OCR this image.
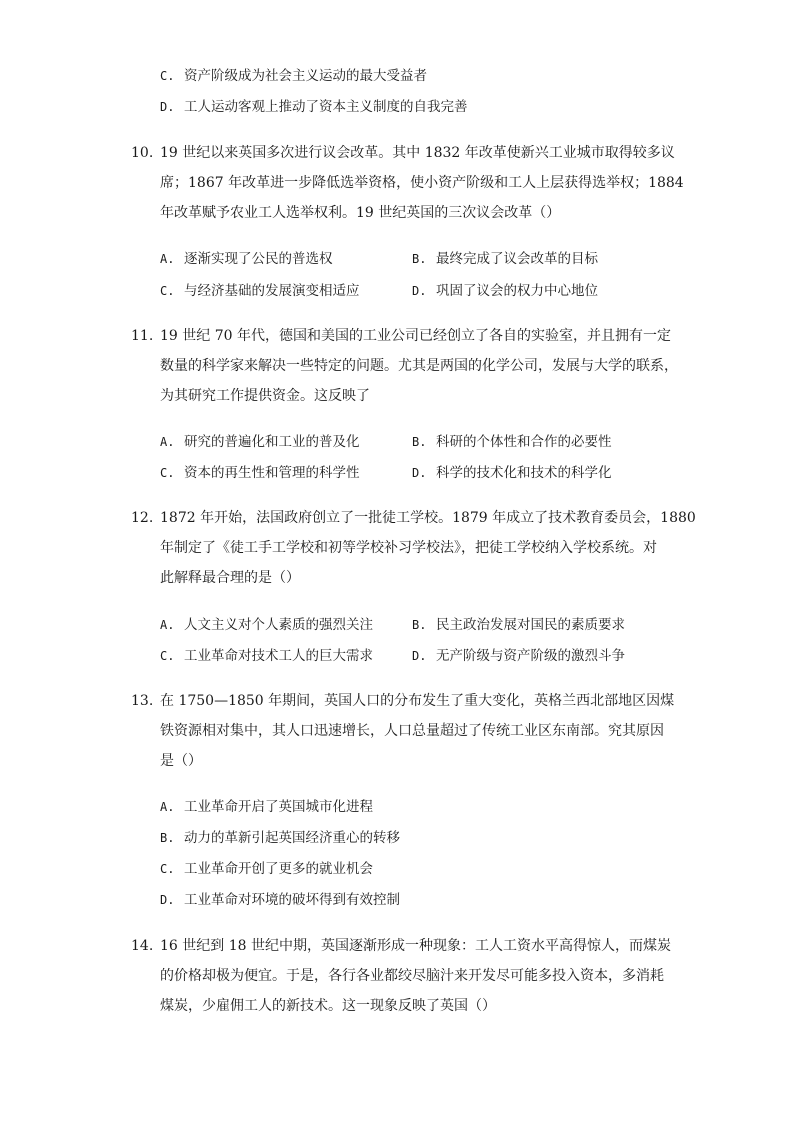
C. 资产阶级成为社会主义运动的最大受益者
D. 工人运动客观上推动了资本主义制度的自我完善
10. 19 世纪以来英国多次进行议会改革。其中 1832 年改革使新兴工业城市取得较多议
席；1867 年改革进一步降低选举资格，使小资产阶级和工人上层获得选举权；1884
年改革赋予农业工人选举权利。19 世纪英国的三次议会改革（）
A. 逐渐实现了公民的普选权	B. 最终完成了议会改革的目标
C. 与经济基础的发展演变相适应	D. 巩固了议会的权力中心地位
11. 19 世纪 70 年代，德国和美国的工业公司已经创立了各自的实验室，并且拥有一定
数量的科学家来解决一些特定的问题。尤其是两国的化学公司，发展与大学的联系，
为其研究工作提供资金。这反映了
A. 研究的普遍化和工业的普及化	B. 科研的个体性和合作的必要性
C. 资本的再生性和管理的科学性	D. 科学的技术化和技术的科学化
12. 1872 年开始，法国政府创立了一批徒工学校。1879 年成立了技术教育委员会，1880
年制定了《徒工手工学校和初等学校补习学校法》，把徒工学校纳入学校系统。对
此解释最合理的是（）
A. 人文主义对个人素质的强烈关注	B. 民主政治发展对国民的素质要求
C. 工业革命对技术工人的巨大需求	D. 无产阶级与资产阶级的激烈斗争
13. 在 1750—1850 年期间，英国人口的分布发生了重大变化，英格兰西北部地区因煤
铁资源相对集中，其人口迅速增长，人口总量超过了传统工业区东南部。究其原因
是（）
A. 工业革命开启了英国城市化进程
B. 动力的革新引起英国经济重心的转移
C. 工业革命开创了更多的就业机会
D. 工业革命对环境的破坏得到有效控制
14. 16 世纪到 18 世纪中期，英国逐渐形成一种现象：工人工资水平高得惊人，而煤炭
的价格却极为便宜。于是，各行各业都绞尽脑汁来开发尽可能多投入资本，多消耗
煤炭，少雇佣工人的新技术。这一现象反映了英国（）
